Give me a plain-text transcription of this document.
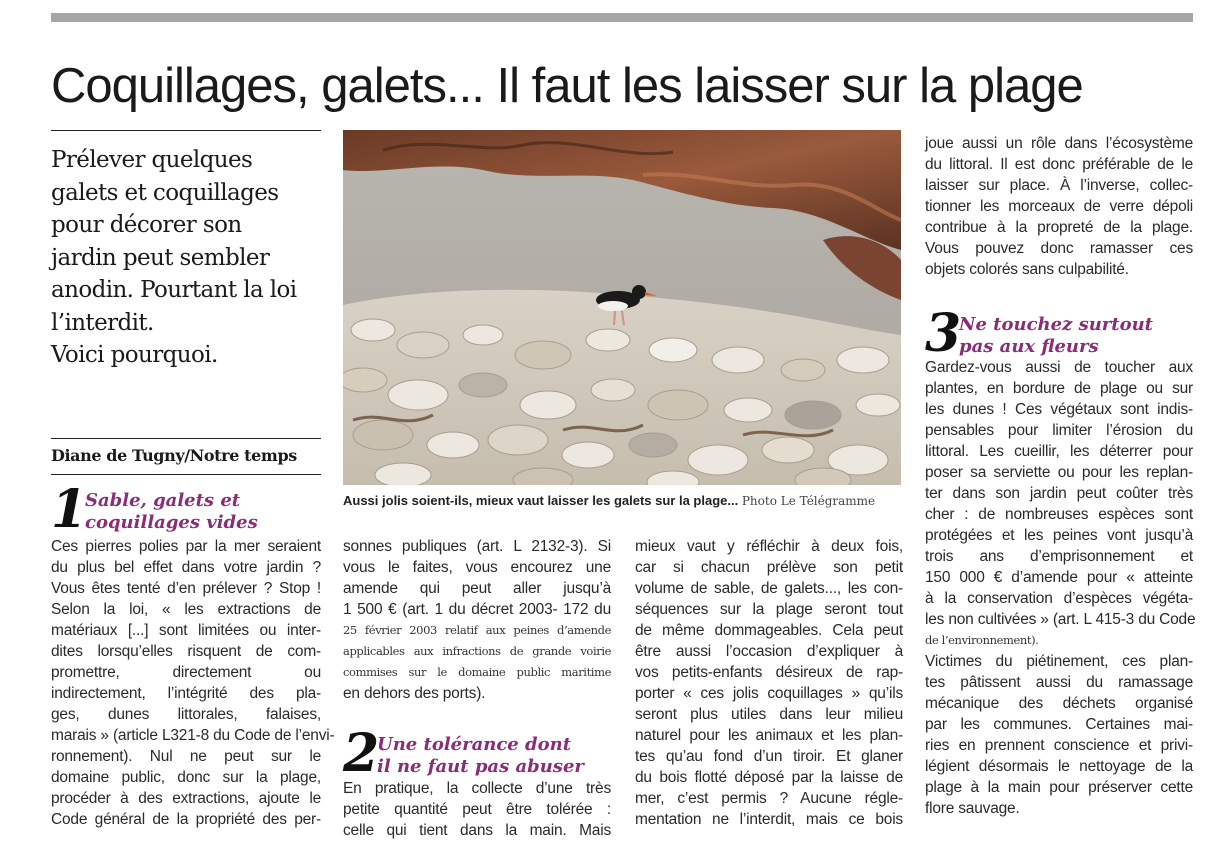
Coquillages, galets... Il faut les laisser sur la plage
Prélever quelques
galets et coquillages
pour décorer son
jardin peut sembler
anodin. Pourtant la loi
l’interdit.
Voici pourquoi.
Diane de Tugny/Notre temps
Aussi jolis soient-ils, mieux vaut laisser les galets sur la plage... Photo Le Télégramme
1
Sable, galets et
coquillages vides
Ces pierres polies par la mer seraient
du plus bel effet dans votre jardin ?
Vous êtes tenté d’en prélever ? Stop !
Selon la loi, « les extractions de
matériaux [...] sont limitées ou inter-
dites lorsqu’elles risquent de com-
promettre, directement ou
indirectement, l’intégrité des pla-
ges, dunes littorales, falaises,
marais » (article L321-8 du Code de l’envi-
ronnement). Nul ne peut sur le
domaine public, donc sur la plage,
procéder à des extractions, ajoute le
Code général de la propriété des per-
sonnes publiques (art. L 2132-3). Si
vous le faites, vous encourez une
amende qui peut aller jusqu’à
1 500 € (art. 1 du décret 2003- 172 du
25 février 2003 relatif aux peines d’amende
applicables aux infractions de grande voirie
commises sur le domaine public maritime
en dehors des ports).
2
Une tolérance dont
il ne faut pas abuser
En pratique, la collecte d’une très
petite quantité peut être tolérée :
celle qui tient dans la main. Mais
mieux vaut y réfléchir à deux fois,
car si chacun prélève son petit
volume de sable, de galets..., les con-
séquences sur la plage seront tout
de même dommageables. Cela peut
être aussi l’occasion d’expliquer à
vos petits-enfants désireux de rap-
porter « ces jolis coquillages » qu’ils
seront plus utiles dans leur milieu
naturel pour les animaux et les plan-
tes qu’au fond d’un tiroir. Et glaner
du bois flotté déposé par la laisse de
mer, c’est permis ? Aucune régle-
mentation ne l’interdit, mais ce bois
joue aussi un rôle dans l’écosystème
du littoral. Il est donc préférable de le
laisser sur place. À l’inverse, collec-
tionner les morceaux de verre dépoli
contribue à la propreté de la plage.
Vous pouvez donc ramasser ces
objets colorés sans culpabilité.
3
Ne touchez surtout
pas aux fleurs
Gardez-vous aussi de toucher aux
plantes, en bordure de plage ou sur
les dunes ! Ces végétaux sont indis-
pensables pour limiter l’érosion du
littoral. Les cueillir, les déterrer pour
poser sa serviette ou pour les replan-
ter dans son jardin peut coûter très
cher : de nombreuses espèces sont
protégées et les peines vont jusqu’à
trois ans d’emprisonnement et
150 000 € d’amende pour « atteinte
à la conservation d’espèces végéta-
les non cultivées » (art. L 415-3 du Code
de l’environnement).
Victimes du piétinement, ces plan-
tes pâtissent aussi du ramassage
mécanique des déchets organisé
par les communes. Certaines mai-
ries en prennent conscience et privi-
légient désormais le nettoyage de la
plage à la main pour préserver cette
flore sauvage.
